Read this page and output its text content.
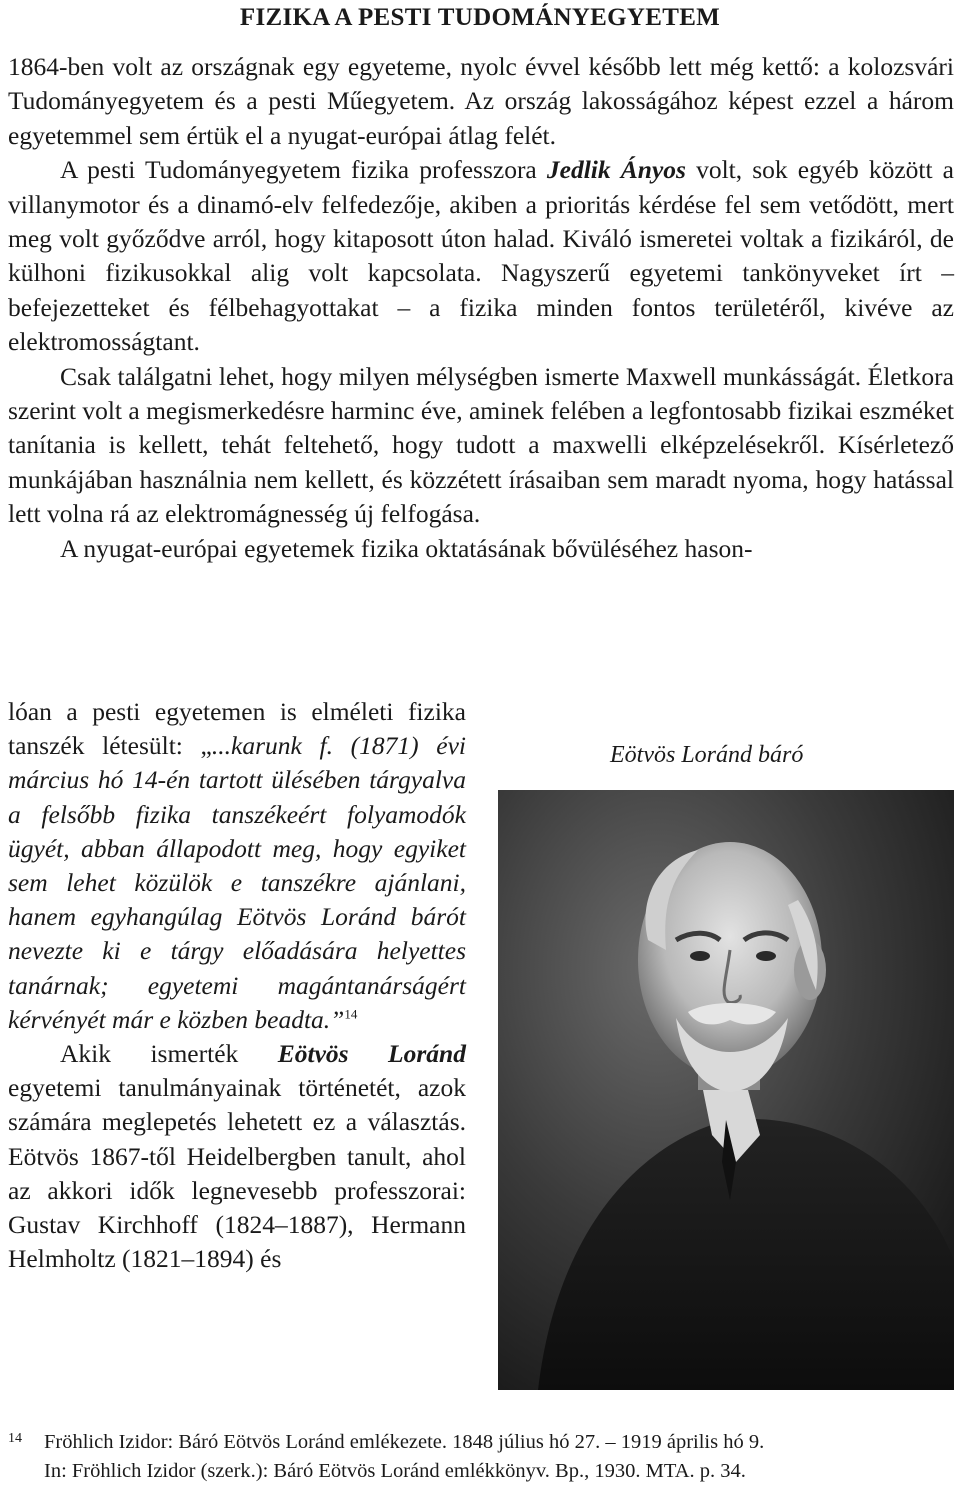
FIZIKA A PESTI TUDOMÁNYEGYETEM

1864-ben volt az országnak egy egyeteme, nyolc évvel később lett még kettő: a kolozsvári Tudományegyetem és a pesti Műegyetem. Az ország lakosságához képest ezzel a három egyetemmel sem értük el a nyugat-európai átlag felét.

A pesti Tudományegyetem fizika professzora Jedlik Ányos volt, sok egyéb között a villanymotor és a dinamó-elv felfedezője, akiben a prioritás kérdése fel sem vetődött, mert meg volt győződve arról, hogy kitaposott úton halad. Kiváló ismeretei voltak a fizikáról, de külhoni fizikusokkal alig volt kapcsolata. Nagyszerű egyetemi tankönyveket írt – befejezetteket és félbehagyottakat – a fizika minden fontos területéről, kivéve az elektromosságtant.

Csak találgatni lehet, hogy milyen mélységben ismerte Maxwell munkásságát. Életkora szerint volt a megismerkedésre harminc éve, aminek felében a legfontosabb fizikai eszméket tanítania is kellett, tehát feltehető, hogy tudott a maxwelli elképzelésekről. Kísérletező munkájában használnia nem kellett, és közzétett írásaiban sem maradt nyoma, hogy hatással lett volna rá az elektromágnesség új felfogása.

A nyugat-európai egyetemek fizika oktatásának bővüléséhez hason-

lóan a pesti egyetemen is elméleti fizika tanszék létesült: „...karunk f. (1871) évi március hó 14-én tartott ülésében tárgyalva a felsőbb fizika tanszékeért folyamodók ügyét, abban állapodott meg, hogy egyiket sem lehet közülök e tanszékre ajánlani, hanem egyhangúlag Eötvös Loránd bárót nevezte ki e tárgy előadására helyettes tanárnak; egyetemi magántanárságért kérvényét már e közben beadta.”$^{14}$

Akik ismerték Eötvös Loránd egyetemi tanulmányainak történetét, azok számára meglepetés lehetett ez a választás. Eötvös 1867-től Heidelbergben tanult, ahol az akkori idők legnevesebb professzorai: Gustav Kirchhoff (1824–1887), Hermann Helmholtz (1821–1894) és

Eötvös Loránd báró
14	Fröhlich Izidor: Báró Eötvös Loránd emlékezete. 1848 július hó 27. – 1919 április hó 9.
In: Fröhlich Izidor (szerk.): Báró Eötvös Loránd emlékkönyv. Bp., 1930. MTA. p. 34.
